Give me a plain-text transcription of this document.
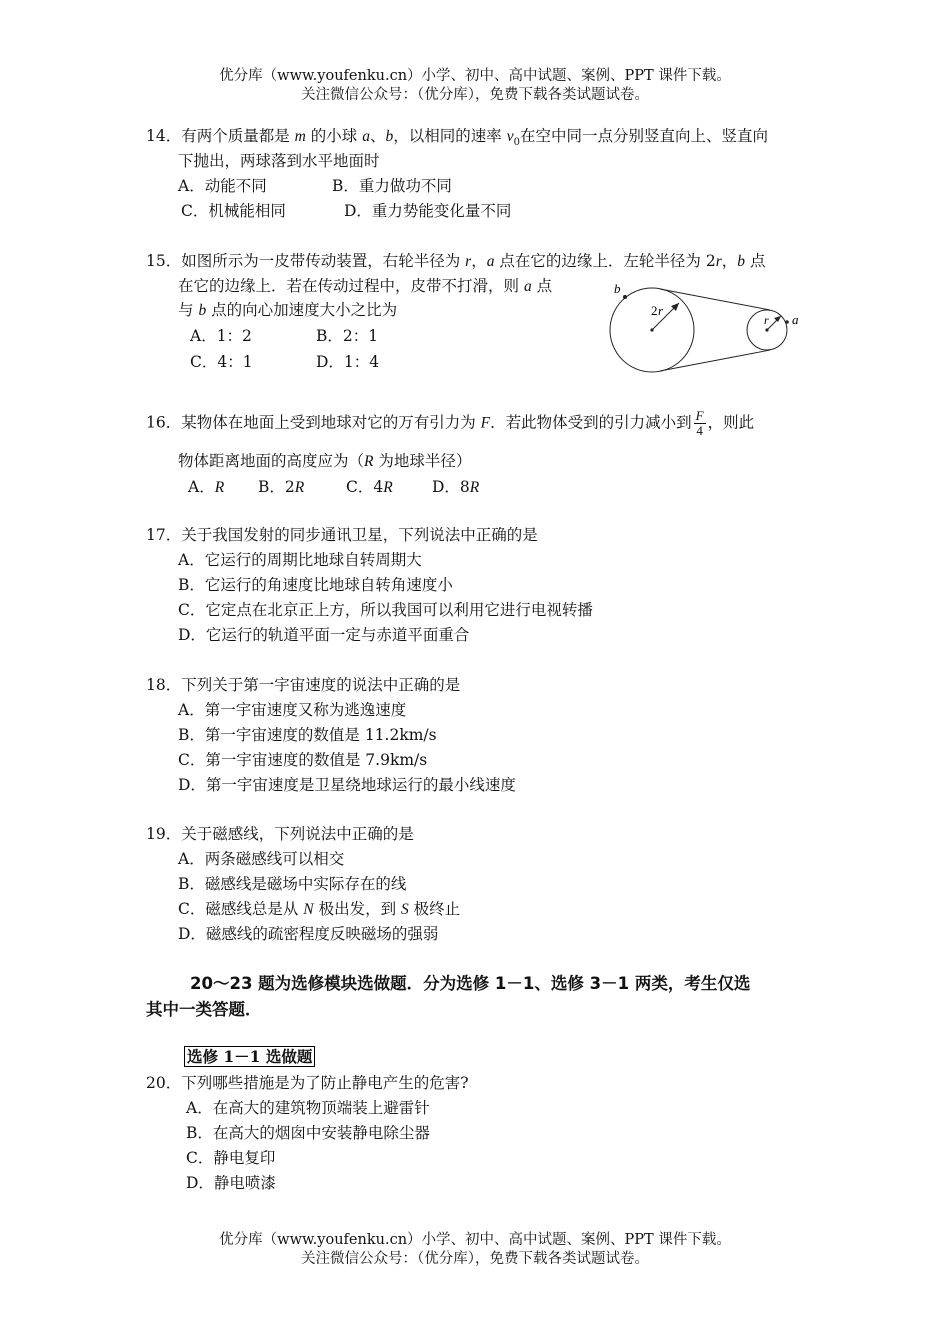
优分库（www.youfenku.cn）小学、初中、高中试题、案例、PPT 课件下载。
关注微信公众号：（优分库），免费下载各类试题试卷。
14．有两个质量都是 m 的小球 a、b，以相同的速率 $v_0$在空中同一点分别竖直向上、竖直向
下抛出，两球落到水平地面时
A．动能不同	B．重力做功不同
C．机械能相同	D．重力势能变化量不同
15．如图所示为一皮带传动装置，右轮半径为 r，a 点在它的边缘上．左轮半径为 2r，b 点
在它的边缘上．若在传动过程中，皮带不打滑，则 a 点
与 b 点的向心加速度大小之比为
A．1：2	B．2：1
C．4：1	D．1：4
b
2 r
r a
16．某物体在地面上受到地球对它的万有引力为 F．若此物体受到的引力减小到 $\frac{F}{4}$ ，则此
物体距离地面的高度应为（R 为地球半径）
A．R B．2R	C．4R	D．8R
17．关于我国发射的同步通讯卫星，下列说法中正确的是
A．它运行的周期比地球自转周期大
B．它运行的角速度比地球自转角速度小
C．它定点在北京正上方，所以我国可以利用它进行电视转播
D．它运行的轨道平面一定与赤道平面重合
18．下列关于第一宇宙速度的说法中正确的是
A．第一宇宙速度又称为逃逸速度
B．第一宇宙速度的数值是 11.2km/s
C．第一宇宙速度的数值是 7.9km/s
D．第一宇宙速度是卫星绕地球运行的最小线速度
19．关于磁感线，下列说法中正确的是
A．两条磁感线可以相交
B．磁感线是磁场中实际存在的线
C．磁感线总是从 N 极出发，到 S 极终止
D．磁感线的疏密程度反映磁场的强弱
20～23 题为选修模块选做题．分为选修 1－1、选修 3－1 两类，考生仅选
其中一类答题．
选修 1－1 选做题
20．下列哪些措施是为了防止静电产生的危害?
A．在高大的建筑物顶端装上避雷针
B．在高大的烟囱中安装静电除尘器
C．静电复印
D．静电喷漆
优分库（www.youfenku.cn）小学、初中、高中试题、案例、PPT 课件下载。
关注微信公众号：（优分库），免费下载各类试题试卷。
